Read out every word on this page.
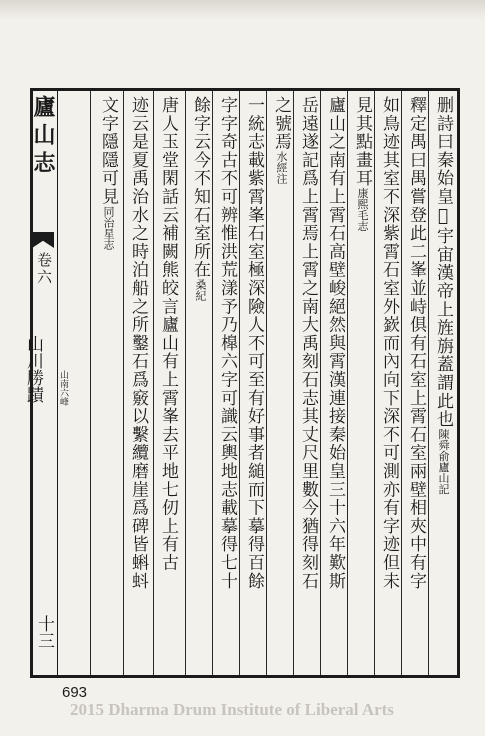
廬山志
卷六
山川勝蹟 山南六峰
十三
删詩曰秦始皇𣊪宇宙漢帝上旌旃蓋謂此也陳舜俞廬山記
釋定禺曰禺嘗登此二峯並峙俱有石室上霄石室兩壁相夾中有字
如鳥迹其室不深紫霄石室外嶔而內向下深不可測亦有字迹但未
見其點畫耳康熙毛志
廬山之南有上霄石高壁峻絕然與霄漢連接秦始皇三十六年歎斯
岳遠遂記爲上霄焉上霄之南大禹刻石志其丈尺里數今猶得刻石
之號焉水經注
一統志載紫霄峯石室極深險人不可至有好事者縋而下摹得百餘
字字奇古不可辨惟洪荒漾予乃橰六字可識云輿地志載摹得七十
餘字云今不知石室所在桑紀
唐人玉堂閑話云補闕熊皎言廬山有上霄峯去平地七仞上有古
迹云是夏禹治水之時泊船之所鑿石爲竅以繫纜磨崖爲碑皆蝌蚪
文字隱隱可見同治星志
693
2015 Dharma Drum Institute of Liberal Arts
